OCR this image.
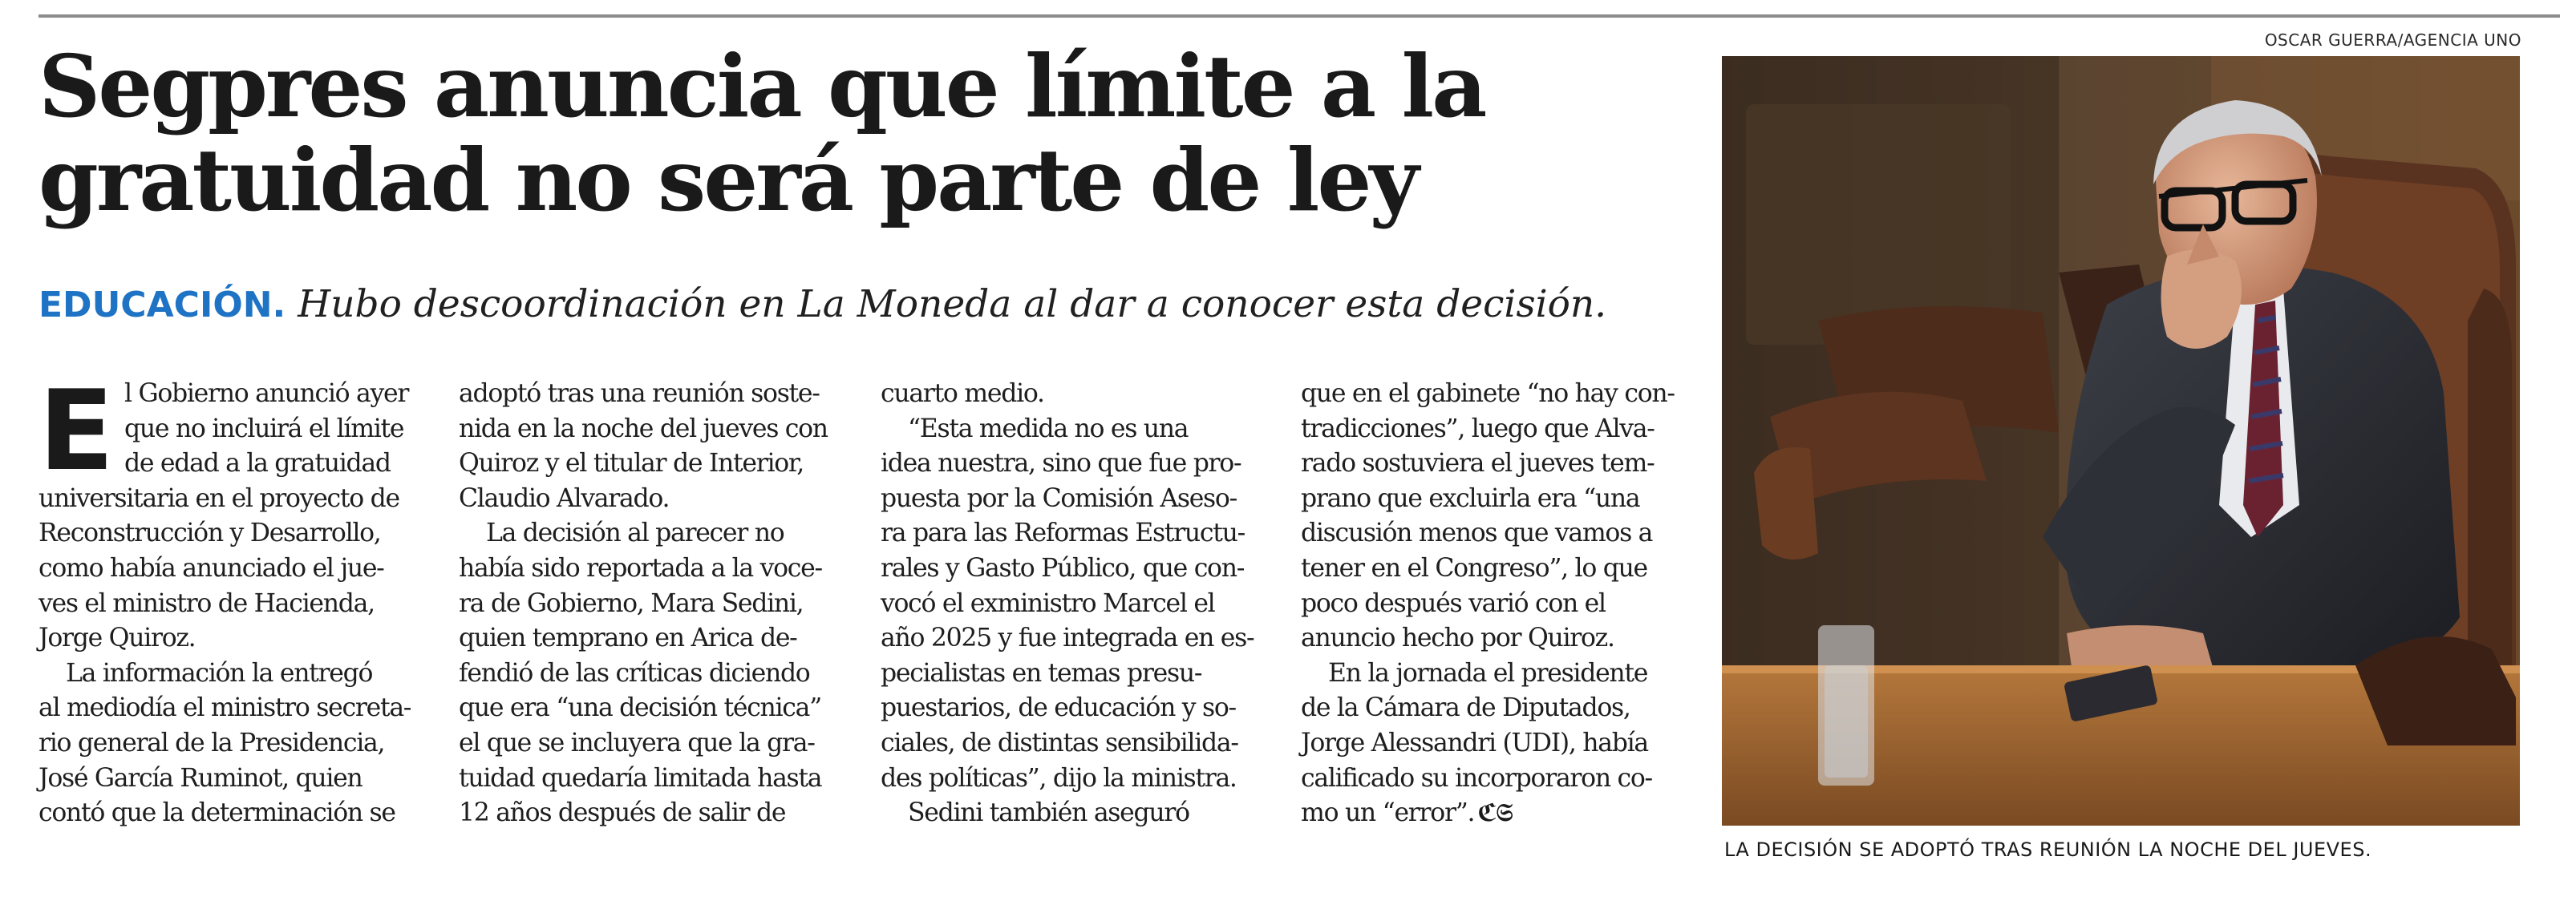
Segpres anuncia que límite a la
gratuidad no será parte de ley
EDUCACIÓN. Hubo descoordinación en La Moneda al dar a conocer esta decisión.
E l Gobierno anunció ayer
que no incluirá el límite
de edad a la gratuidad
universitaria en el proyecto de
Reconstrucción y Desarrollo,
como había anunciado el jue-
ves el ministro de Hacienda,
Jorge Quiroz.
La información la entregó
al mediodía el ministro secreta-
rio general de la Presidencia,
José García Ruminot, quien
contó que la determinación se
adoptó tras una reunión soste-
nida en la noche del jueves con
Quiroz y el titular de Interior,
Claudio Alvarado.
La decisión al parecer no
había sido reportada a la voce-
ra de Gobierno, Mara Sedini,
quien temprano en Arica de-
fendió de las críticas diciendo
que era “una decisión técnica”
el que se incluyera que la gra-
tuidad quedaría limitada hasta
12 años después de salir de
cuarto medio.
“Esta medida no es una
idea nuestra, sino que fue pro-
puesta por la Comisión Aseso-
ra para las Reformas Estructu-
rales y Gasto Público, que con-
vocó el exministro Marcel el
año 2025 y fue integrada en es-
pecialistas en temas presu-
puestarios, de educación y so-
ciales, de distintas sensibilida-
des políticas”, dijo la ministra.
Sedini también aseguró
que en el gabinete “no hay con-
tradicciones”, luego que Alva-
rado sostuviera el jueves tem-
prano que excluirla era “una
discusión menos que vamos a
tener en el Congreso”, lo que
poco después varió con el
anuncio hecho por Quiroz.
En la jornada el presidente
de la Cámara de Diputados,
Jorge Alessandri (UDI), había
calificado su incorporaron co-
mo un “error”. ℭ𝔖
OSCAR GUERRA/AGENCIA UNO
LA DECISIÓN SE ADOPTÓ TRAS REUNIÓN LA NOCHE DEL JUEVES.
